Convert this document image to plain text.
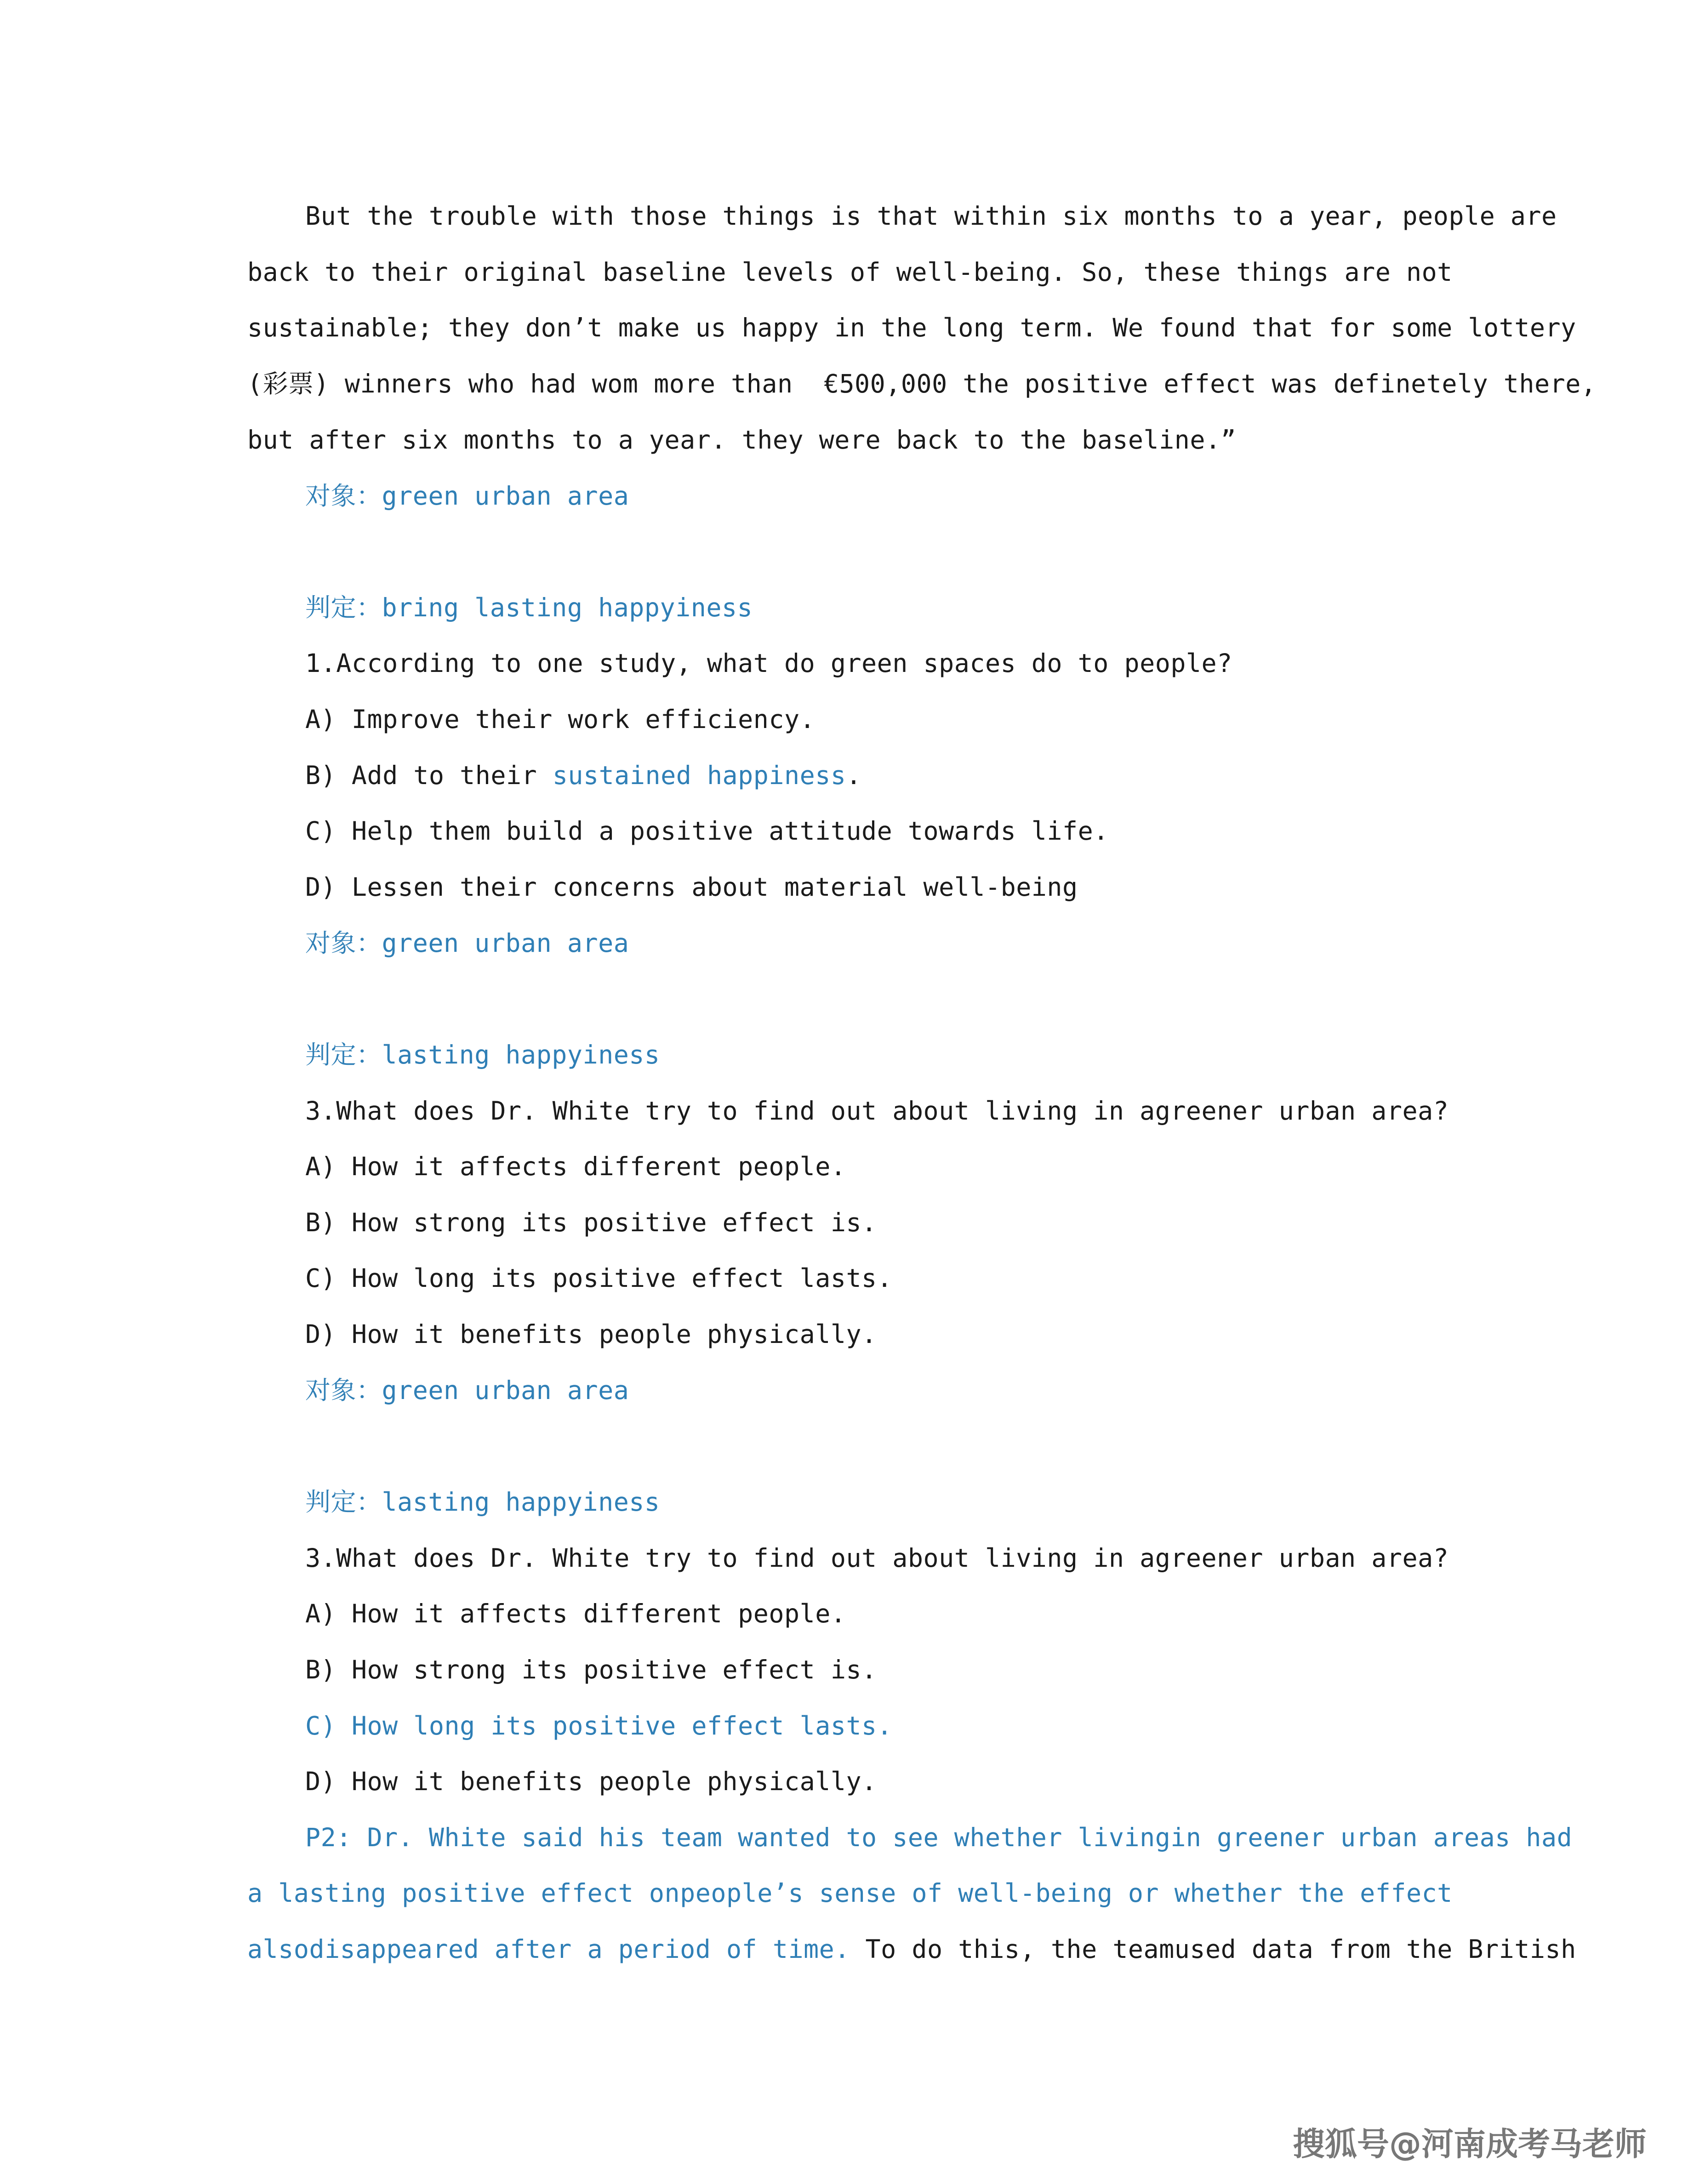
But the trouble with those things is that within six months to a year, people are
back to their original baseline levels of well-being. So, these things are not
sustainable; they don’t make us happy in the long term. We found that for some lottery
(彩票) winners who had wom more than  €500,000 the positive effect was definetely there,
but after six months to a year. they were back to the baseline.”
对象：green urban area
判定：bring lasting happyiness
1.According to one study, what do green spaces do to people?
A) Improve their work efficiency.
B) Add to their sustained happiness.
C) Help them build a positive attitude towards life.
D) Lessen their concerns about material well-being
对象：green urban area
判定：lasting happyiness
3.What does Dr. White try to find out about living in agreener urban area?
A) How it affects different people.
B) How strong its positive effect is.
C) How long its positive effect lasts.
D) How it benefits people physically.
对象：green urban area
判定：lasting happyiness
3.What does Dr. White try to find out about living in agreener urban area?
A) How it affects different people.
B) How strong its positive effect is.
C) How long its positive effect lasts.
D) How it benefits people physically.
P2: Dr. White said his team wanted to see whether livingin greener urban areas had
a lasting positive effect onpeople’s sense of well-being or whether the effect
alsodisappeared after a period of time. To do this, the teamused data from the British
搜狐号@河南成考马老师
